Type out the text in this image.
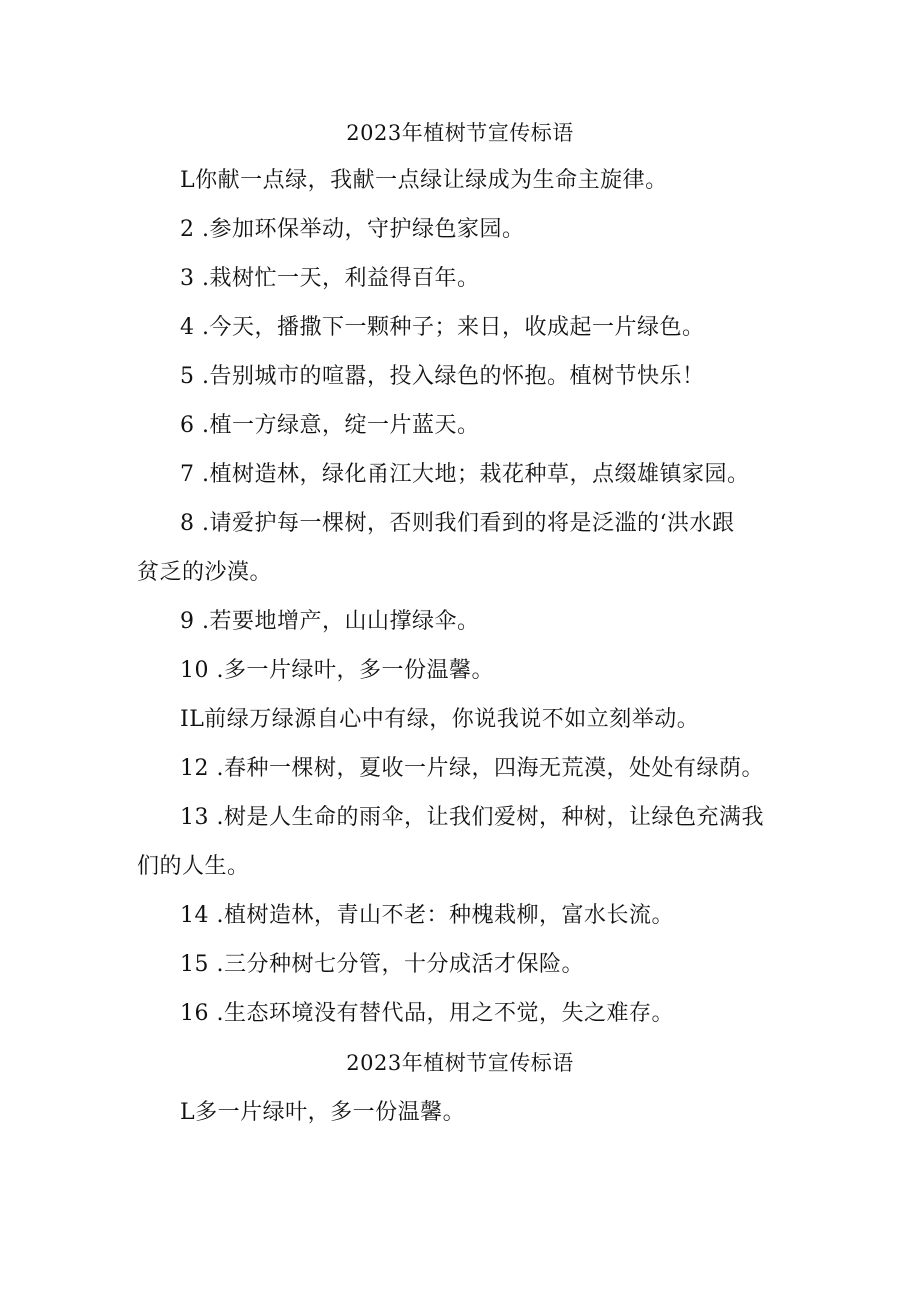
2023年植树节宣传标语
L你献一点绿，我献一点绿让绿成为生命主旋律。
2 .参加环保举动，守护绿色家园。
3 .栽树忙一天，利益得百年。
4 .今天，播撒下一颗种子；来日，收成起一片绿色。
5 .告别城市的喧嚣，投入绿色的怀抱。植树节快乐！
6 .植一方绿意，绽一片蓝天。
7 .植树造林，绿化甬江大地；栽花种草，点缀雄镇家园。
8 .请爱护每一棵树，否则我们看到的将是泛滥的‘洪水跟
贫乏的沙漠。
9 .若要地增产，山山撑绿伞。
10 .多一片绿叶，多一份温馨。
IL前绿万绿源自心中有绿，你说我说不如立刻举动。
12 .春种一棵树，夏收一片绿，四海无荒漠，处处有绿荫。
13 .树是人生命的雨伞，让我们爱树，种树，让绿色充满我
们的人生。
14 .植树造林，青山不老：种槐栽柳，富水长流。
15 .三分种树七分管，十分成活才保险。
16 .生态环境没有替代品，用之不觉，失之难存。
2023年植树节宣传标语
L多一片绿叶，多一份温馨。
